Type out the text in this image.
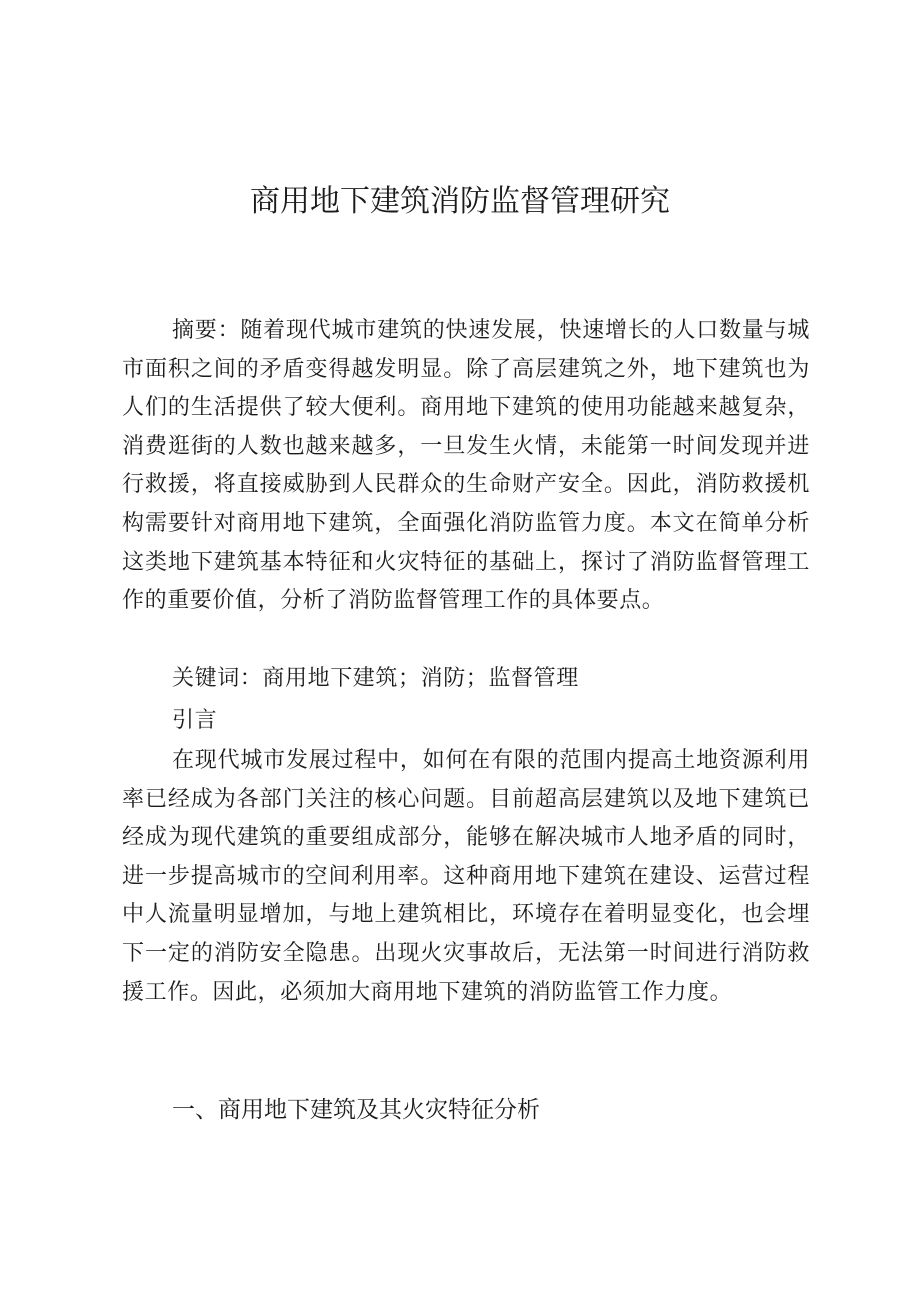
商用地下建筑消防监督管理研究

摘要：随着现代城市建筑的快速发展，快速增长的人口数量与城市面积之间的矛盾变得越发明显。除了高层建筑之外，地下建筑也为人们的生活提供了较大便利。商用地下建筑的使用功能越来越复杂，消费逛街的人数也越来越多，一旦发生火情，未能第一时间发现并进行救援，将直接威胁到人民群众的生命财产安全。因此，消防救援机构需要针对商用地下建筑，全面强化消防监管力度。本文在简单分析这类地下建筑基本特征和火灾特征的基础上，探讨了消防监督管理工作的重要价值，分析了消防监督管理工作的具体要点。

关键词：商用地下建筑；消防；监督管理

引言

在现代城市发展过程中，如何在有限的范围内提高土地资源利用率已经成为各部门关注的核心问题。目前超高层建筑以及地下建筑已经成为现代建筑的重要组成部分，能够在解决城市人地矛盾的同时，进一步提高城市的空间利用率。这种商用地下建筑在建设、运营过程中人流量明显增加，与地上建筑相比，环境存在着明显变化，也会埋下一定的消防安全隐患。出现火灾事故后，无法第一时间进行消防救援工作。因此，必须加大商用地下建筑的消防监管工作力度。

一、商用地下建筑及其火灾特征分析
